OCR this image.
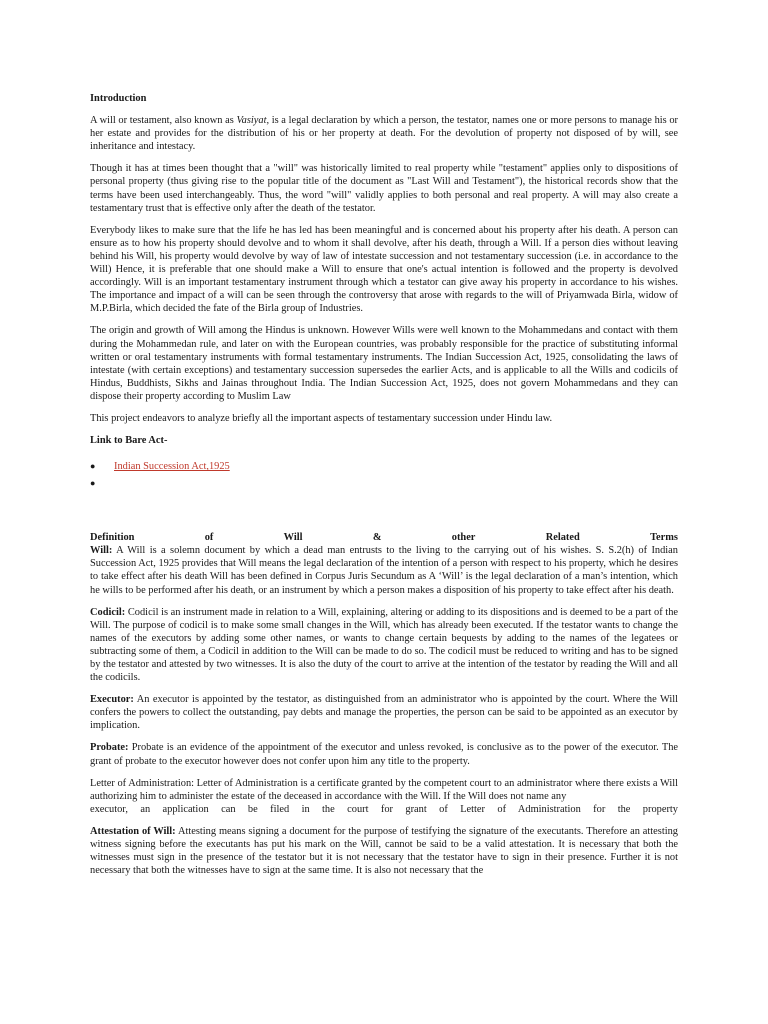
Introduction

A will or testament, also known as Vasiyat, is a legal declaration by which a person, the testator, names one or more persons to manage his or her estate and provides for the distribution of his or her property at death. For the devolution of property not disposed of by will, see inheritance and intestacy.

Though it has at times been thought that a "will" was historically limited to real property while "testament" applies only to dispositions of personal property (thus giving rise to the popular title of the document as "Last Will and Testament"), the historical records show that the terms have been used interchangeably. Thus, the word "will" validly applies to both personal and real property. A will may also create a testamentary trust that is effective only after the death of the testator.

Everybody likes to make sure that the life he has led has been meaningful and is concerned about his property after his death. A person can ensure as to how his property should devolve and to whom it shall devolve, after his death, through a Will. If a person dies without leaving behind his Will, his property would devolve by way of law of intestate succession and not testamentary succession (i.e. in accordance to the Will) Hence, it is preferable that one should make a Will to ensure that one's actual intention is followed and the property is devolved accordingly. Will is an important testamentary instrument through which a testator can give away his property in accordance to his wishes. The importance and impact of a will can be seen through the controversy that arose with regards to the will of Priyamwada Birla, widow of M.P.Birla, which decided the fate of the Birla group of Industries.

The origin and growth of Will among the Hindus is unknown. However Wills were well known to the Mohammedans and contact with them during the Mohammedan rule, and later on with the European countries, was probably responsible for the practice of substituting informal written or oral testamentary instruments with formal testamentary instruments. The Indian Succession Act, 1925, consolidating the laws of intestate (with certain exceptions) and testamentary succession supersedes the earlier Acts, and is applicable to all the Wills and codicils of Hindus, Buddhists, Sikhs and Jainas throughout India. The Indian Succession Act, 1925, does not govern Mohammedans and they can dispose their property according to Muslim Law

This project endeavors to analyze briefly all the important aspects of testamentary succession under Hindu law.

Link to Bare Act-
● Indian Succession Act,1925
●
Definition	of	Will	&	other	Related	Terms

Will: A Will is a solemn document by which a dead man entrusts to the living to the carrying out of his wishes. S. S.2(h) of Indian Succession Act, 1925 provides that Will means the legal declaration of the intention of a person with respect to his property, which he desires to take effect after his death Will has been defined in Corpus Juris Secundum as A ‘Will’ is the legal declaration of a man’s intention, which he wills to be performed after his death, or an instrument by which a person makes a disposition of his property to take effect after his death.

Codicil: Codicil is an instrument made in relation to a Will, explaining, altering or adding to its dispositions and is deemed to be a part of the Will. The purpose of codicil is to make some small changes in the Will, which has already been executed. If the testator wants to change the names of the executors by adding some other names, or wants to change certain bequests by adding to the names of the legatees or subtracting some of them, a Codicil in addition to the Will can be made to do so. The codicil must be reduced to writing and has to be signed by the testator and attested by two witnesses. It is also the duty of the court to arrive at the intention of the testator by reading the Will and all the codicils.

Executor: An executor is appointed by the testator, as distinguished from an administrator who is appointed by the court. Where the Will confers the powers to collect the outstanding, pay debts and manage the properties, the person can be said to be appointed as an executor by implication.

Probate: Probate is an evidence of the appointment of the executor and unless revoked, is conclusive as to the power of the executor. The grant of probate to the executor however does not confer upon him any title to the property.

Letter of Administration: Letter of Administration is a certificate granted by the competent court to an administrator where there exists a Will authorizing him to administer the estate of the deceased in accordance with the Will. If the Will does not name any

executor, an application can be filed in the court for grant of Letter of Administration for the property

Attestation of Will: Attesting means signing a document for the purpose of testifying the signature of the executants. Therefore an attesting witness signing before the executants has put his mark on the Will, cannot be said to be a valid attestation. It is necessary that both the witnesses must sign in the presence of the testator but it is not necessary that the testator have to sign in their presence. Further it is not necessary that both the witnesses have to sign at the same time. It is also not necessary that the
